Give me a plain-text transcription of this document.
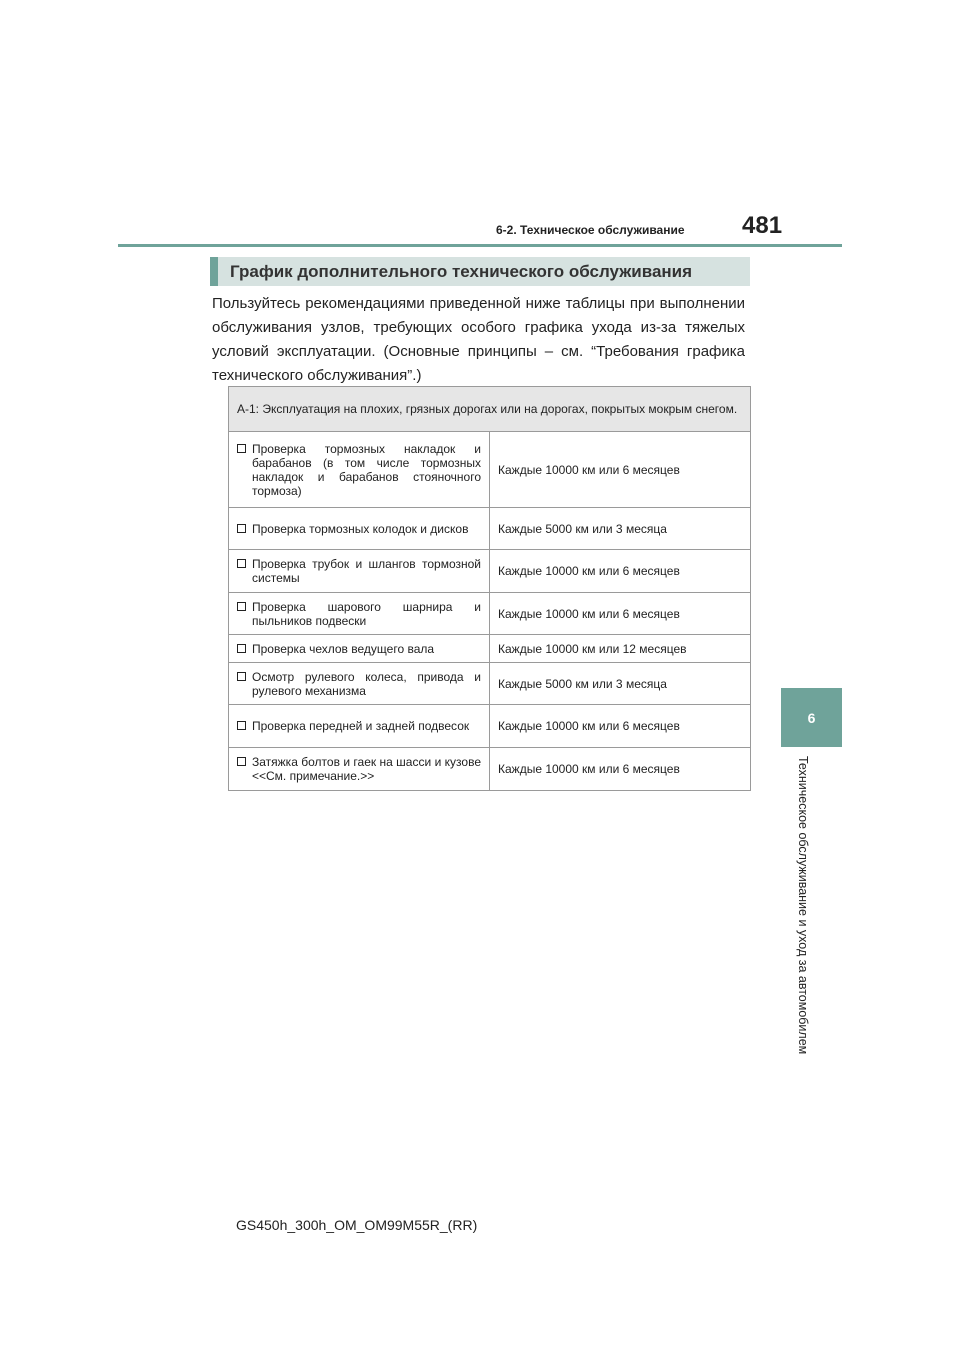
6-2. Техническое обслуживание 481
6
Техническое обслуживание и уход за автомобилем
График дополнительного технического обслуживания
Пользуйтесь рекомендациями приведенной ниже таблицы при выполнении обслуживания узлов, требующих особого графика ухода из-за тяжелых условий эксплуатации. (Основные принципы – см. “Требования графика технического обслуживания”.)
А-1: Эксплуатация на плохих, грязных дорогах или на дорогах, покрытых мокрым снегом.	

Проверка тормозных накладок и барабанов (в том числе тормозных накладок и барабанов стояночного тормоза)	Каждые 10000 км или 6 месяцев

Проверка тормозных колодок и дисков	Каждые 5000 км или 3 месяца

Проверка трубок и шлангов тормозной системы	Каждые 10000 км или 6 месяцев

Проверка шарового шарнира и пыльников подвески	Каждые 10000 км или 6 месяцев

Проверка чехлов ведущего вала	Каждые 10000 км или 12 месяцев

Осмотр рулевого колеса, привода и рулевого механизма	Каждые 5000 км или 3 месяца

Проверка передней и задней подвесок	Каждые 10000 км или 6 месяцев

Затяжка болтов и гаек на шасси и кузове <<См. примечание.>>	Каждые 10000 км или 6 месяцев
GS450h_300h_OM_OM99M55R_(RR)
